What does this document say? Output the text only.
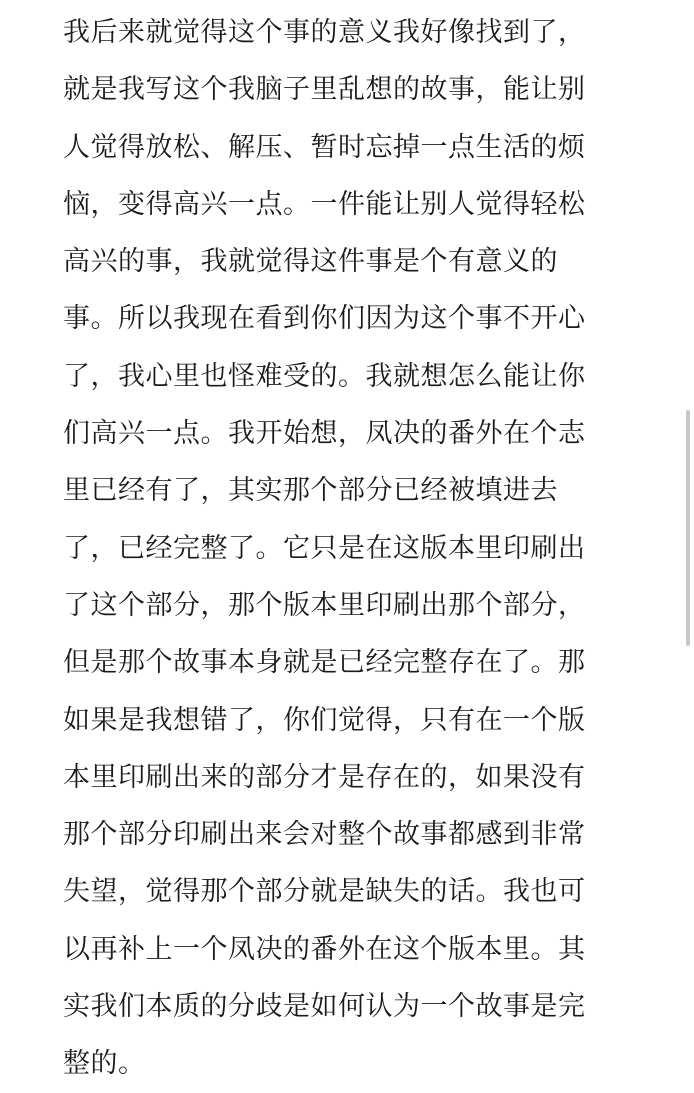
我后来就觉得这个事的意义我好像找到了，
就是我写这个我脑子里乱想的故事，能让别
人觉得放松、解压、暂时忘掉一点生活的烦
恼，变得高兴一点。一件能让别人觉得轻松
高兴的事，我就觉得这件事是个有意义的
事。所以我现在看到你们因为这个事不开心
了，我心里也怪难受的。我就想怎么能让你
们高兴一点。我开始想，凤决的番外在个志
里已经有了，其实那个部分已经被填进去
了，已经完整了。它只是在这版本里印刷出
了这个部分，那个版本里印刷出那个部分，
但是那个故事本身就是已经完整存在了。那
如果是我想错了，你们觉得，只有在一个版
本里印刷出来的部分才是存在的，如果没有
那个部分印刷出来会对整个故事都感到非常
失望，觉得那个部分就是缺失的话。我也可
以再补上一个凤决的番外在这个版本里。其
实我们本质的分歧是如何认为一个故事是完
整的。
